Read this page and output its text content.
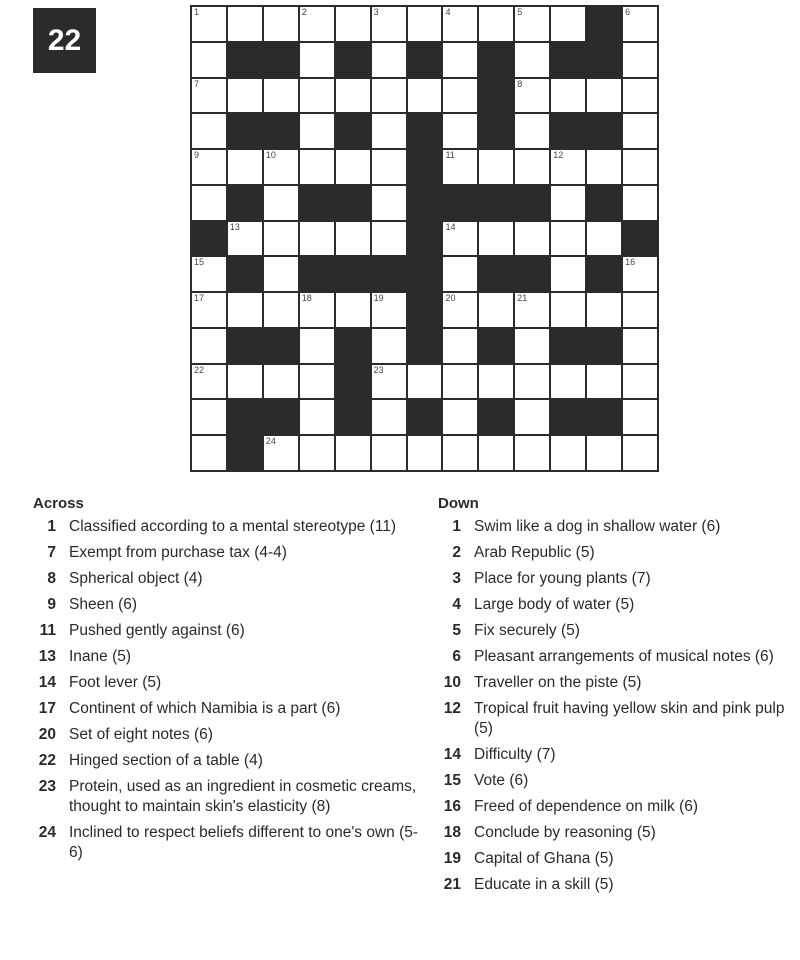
22
1	2	3	4	5	6
7	8
9	10	11	12
13	14
15	16
17	18	19	20	21
22	23
24
Across
1 Classified according to a mental stereotype (11)
7 Exempt from purchase tax (4-4)
8 Spherical object (4)
9 Sheen (6)
11 Pushed gently against (6)
13 Inane (5)
14 Foot lever (5)
17 Continent of which Namibia is a part (6)
20 Set of eight notes (6)
22 Hinged section of a table (4)
23 Protein, used as an ingredient in cosmetic creams, thought to maintain skin's elasticity (8)
24 Inclined to respect beliefs different to one's own (5-6)
Down
1 Swim like a dog in shallow water (6)
2 Arab Republic (5)
3 Place for young plants (7)
4 Large body of water (5)
5 Fix securely (5)
6 Pleasant arrangements of musical notes (6)
10 Traveller on the piste (5)
12 Tropical fruit having yellow skin and pink pulp (5)
14 Difficulty (7)
15 Vote (6)
16 Freed of dependence on milk (6)
18 Conclude by reasoning (5)
19 Capital of Ghana (5)
21 Educate in a skill (5)
